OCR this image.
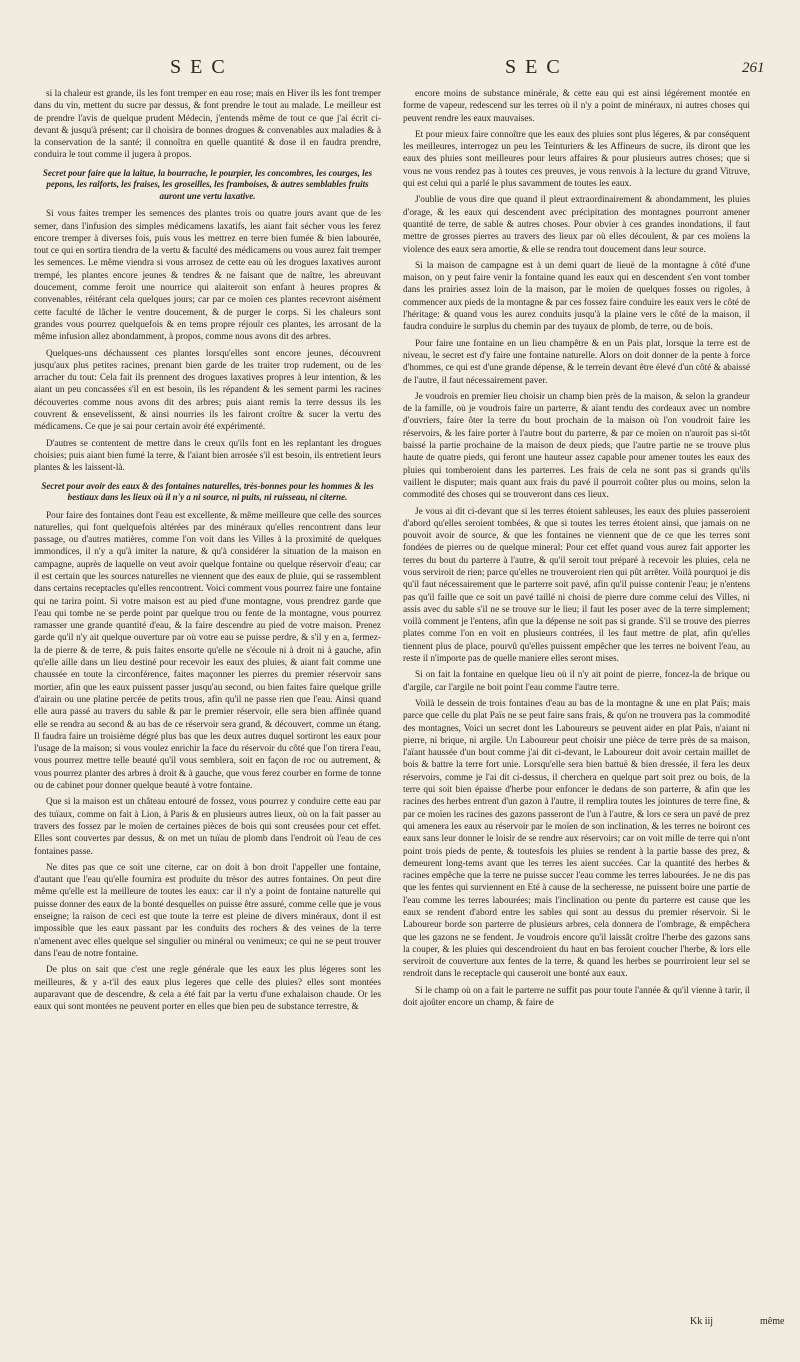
SEC	SEC	261

si la chaleur est grande, ils les font tremper en eau rose; mais en Hiver ils les font tremper dans du vin, mettent du sucre par dessus, & font prendre le tout au malade. Le meilleur est de prendre l'avis de quelque prudent Médecin, j'entends même de tout ce que j'ai écrit ci-devant & jusqu'à présent; car il choisira de bonnes drogues & convenables aux maladies & à la conservation de la santé; il connoîtra en quelle quantité & dose il en faudra prendre, conduira le tout comme il jugera à propos.

Secret pour faire que la laitue, la bourrache, le pourpier, les concombres, les courges, les pepons, les raiforts, les fraises, les groseilles, les framboises, & autres semblables fruits auront une vertu laxative.

Si vous faites tremper les semences des plantes trois ou quatre jours avant que de les semer, dans l'infusion des simples médicamens laxatifs, les aiant fait sécher vous les ferez encore tremper à diverses fois, puis vous les mettrez en terre bien fumée & bien labourée, tout ce qui en sortira tiendra de la vertu & faculté des médicamens ou vous aurez fait tremper les semences. Le même viendra si vous arrosez de cette eau où les drogues laxatives auront trempé, les plantes encore jeunes & tendres & ne faisant que de naître, les abreuvant doucement, comme feroit une nourrice qui alaiteroit son enfant à heures propres & convenables, réitérant cela quelques jours; car par ce moïen ces plantes recevront aisément cette faculté de lâcher le ventre doucement, & de purger le corps. Si les chaleurs sont grandes vous pourrez quelquefois & en tems propre réjouïr ces plantes, les arrosant de la même infusion allez abondamment, à propos, comme nous avons dit des arbres.

Quelques-uns déchaussent ces plantes lorsqu'elles sont encore jeunes, découvrent jusqu'aux plus petites racines, prenant bien garde de les traiter trop rudement, ou de les arracher du tout: Cela fait ils prennent des drogues laxatives propres à leur intention, & les aiant un peu concassées s'il en est besoin, ils les répandent & les sement parmi les racines découvertes comme nous avons dit des arbres; puis aiant remis la terre dessus ils les couvrent & ensevelissent, & ainsi nourries ils les fairont croître & sucer la vertu des médicamens. Ce que je sai pour certain avoir été expérimenté.

D'autres se contentent de mettre dans le creux qu'ils font en les replantant les drogues choisies; puis aiant bien fumé la terre, & l'aiant bien arrosée s'il est besoin, ils entretient leurs plantes & les laissent-là.

Secret pour avoir des eaux & des fontaines naturelles, très-bonnes pour les hommes & les bestiaux dans les lieux où il n'y a ni source, ni puits, ni ruisseau, ni citerne.

Pour faire des fontaines dont l'eau est excellente, & même meilleure que celle des sources naturelles, qui font quelquefois altérées par des minéraux qu'elles rencontrent dans leur passage, ou d'autres matières, comme l'on voit dans les Villes à la proximité de quelques immondices, il n'y a qu'à imiter la nature, & qu'à considérer la situation de la maison en campagne, auprès de laquelle on veut avoir quelque fontaine ou quelque réservoir d'eau; car il est certain que les sources naturelles ne viennent que des eaux de pluie, qui se rassemblent dans certains receptacles qu'elles rencontrent. Voici comment vous pourrez faire une fontaine qui ne tarira point. Si votre maison est au pied d'une montagne, vous prendrez garde que l'eau qui tombe ne se perde point par quelque trou ou fente de la montagne, vous pourrez ramasser une grande quantité d'eau, & la faire descendre au pied de votre maison. Prenez garde qu'il n'y ait quelque ouverture par où votre eau se puisse perdre, & s'il y en a, fermez-la de pierre & de terre, & puis faites ensorte qu'elle ne s'écoule ni à droit ni à gauche, afin qu'elle aille dans un lieu destiné pour recevoir les eaux des pluies, & aiant fait comme une chaussée en toute la circonférence, faites maçonner les pierres du premier réservoir sans mortier, afin que les eaux puissent passer jusqu'au second, ou bien faites faire quelque grille d'airain ou une platine percée de petits trous, afin qu'il ne passe rien que l'eau. Ainsi quand elle aura passé au travers du sable & par le premier réservoir, elle sera bien affinée quand elle se rendra au second & au bas de ce réservoir sera grand, & découvert, comme un étang. Il faudra faire un troisième dégré plus bas que les deux autres duquel sortiront les eaux pour l'usage de la maison; si vous voulez enrichir la face du réservoir du côté que l'on tirera l'eau, vous pourrez mettre telle beauté qu'il vous semblera, soit en façon de roc ou autrement, & vous pourrez planter des arbres à droit & à gauche, que vous ferez courber en forme de tonne ou de cabinet pour donner quelque beauté à votre fontaine.

Que si la maison est un château entouré de fossez, vous pourrez y conduire cette eau par des tuïaux, comme on fait à Lion, à Paris & en plusieurs autres lieux, où on la fait passer au travers des fossez par le moïen de certaines pièces de bois qui sont creusées pour cet effet. Elles sont couvertes par dessus, & on met un tuïau de plomb dans l'endroit où l'eau de ces fontaines passe.

Ne dites pas que ce soit une citerne, car on doit à bon droit l'appeller une fontaine, d'autant que l'eau qu'elle fournira est produite du trésor des autres fontaines. On peut dire même qu'elle est la meilleure de toutes les eaux: car il n'y a point de fontaine naturelle qui puisse donner des eaux de la bonté desquelles on puisse être assuré, comme celle que je vous enseigne; la raison de ceci est que toute la terre est pleine de divers minéraux, dont il est impossible que les eaux passant par les conduits des rochers & des veines de la terre n'amenent avec elles quelque sel singulier ou minéral ou venimeux; ce qui ne se peut trouver dans l'eau de notre fontaine.

De plus on sait que c'est une regle générale que les eaux les plus légeres sont les meilleures, & y a-t'il des eaux plus legeres que celle des pluies? elles sont montées auparavant que de descendre, & cela a été fait par la vertu d'une exhalaison chaude. Or les eaux qui sont montées ne peuvent porter en elles que bien peu de substance terrestre, &

encore moins de substance minérale, & cette eau qui est ainsi légérement montée en forme de vapeur, redescend sur les terres où il n'y a point de minéraux, ni autres choses qui peuvent rendre les eaux mauvaises.

Et pour mieux faire connoître que les eaux des pluies sont plus légeres, & par conséquent les meilleures, interrogez un peu les Teinturiers & les Affineurs de sucre, ils diront que les eaux des pluies sont meilleures pour leurs affaires & pour plusieurs autres choses; que si vous ne vous rendez pas à toutes ces preuves, je vous renvois à la lecture du grand Vitruve, qui est celui qui a parlé le plus savamment de toutes les eaux.

J'oublie de vous dire que quand il pleut extraordinairement & abondamment, les pluies d'orage, & les eaux qui descendent avec précipitation des montagnes pourront amener quantité de terre, de sable & autres choses. Pour obvier à ces grandes inondations, il faut mettre de grosses pierres au travers des lieux par où elles découlent, & par ces moïens la violence des eaux sera amortie, & elle se rendra tout doucement dans leur source.

Si la maison de campagne est à un demi quart de lieuë de la montagne à côté d'une maison, on y peut faire venir la fontaine quand les eaux qui en descendent s'en vont tomber dans les prairies assez loin de la maison, par le moïen de quelques fosses ou rigoles, à commencer aux pieds de la montagne & par ces fossez faire conduire les eaux vers le côté de l'héritage: & quand vous les aurez conduits jusqu'à la plaine vers le côté de la maison, il faudra conduire le surplus du chemin par des tuyaux de plomb, de terre, ou de bois.

Pour faire une fontaine en un lieu champêtre & en un Pais plat, lorsque la terre est de niveau, le secret est d'y faire une fontaine naturelle. Alors on doit donner de la pente à force d'hommes, ce qui est d'une grande dépense, & le terrein devant être élevé d'un côté & abaissé de l'autre, il faut nécessairement paver.

Je voudrois en premier lieu choisir un champ bien près de la maison, & selon la grandeur de la famille, où je voudrois faire un parterre, & aïant tendu des cordeaux avec un nombre d'ouvriers, faire ôter la terre du bout prochain de la maison où l'on voudroit faire les réservoirs, & les faire porter à l'autre bout du parterre, & par ce moïen on n'auroit pas si-tôt baissé la partie prochaine de la maison de deux pieds, que l'autre partie ne se trouve plus haute de quatre pieds, qui feront une hauteur assez capable pour amener toutes les eaux des pluies qui tomberoient dans les parterres. Les frais de cela ne sont pas si grands qu'ils vaillent le disputer; mais quant aux frais du pavé il pourroit coûter plus ou moins, selon la commodité des choses qui se trouveront dans ces lieux.

Je vous ai dit ci-devant que si les terres étoient sablеuses, les eaux des pluies passeroient d'abord qu'elles seroient tombées, & que si toutes les terres étoient ainsi, que jamais on ne pouvoit avoir de source, & que les fontaines ne viennent que de ce que les terres sont fondées de pierres ou de quelque mineral: Pour cet effet quand vous aurez fait apporter les terres du bout du parterre à l'autre, & qu'il seroit tout préparé à recevoir les pluies, cela ne vous serviroit de rien; parce qu'elles ne trouveroient rien qui pût arrêter. Voilà pourquoi je dis qu'il faut nécessairement que le parterre soit pavé, afin qu'il puisse contenir l'eau; je n'entens pas qu'il faille que ce soit un pavé taillé ni choisi de pierre dure comme celui des Villes, ni assis avec du sable s'il ne se trouve sur le lieu; il faut les poser avec de la terre simplement; voilà comment je l'entens, afin que la dépense ne soit pas si grande. S'il se trouve des pierres plates comme l'on en voit en plusieurs contrées, il les faut mettre de plat, afin qu'elles tiennent plus de place, pourvû qu'elles puissent empêcher que les terres ne boivent l'eau, au reste il n'importe pas de quelle maniere elles seront mises.

Si on fait la fontaine en quelque lieu où il n'y ait point de pierre, foncez-la de brique ou d'argile, car l'argile ne boit point l'eau comme l'autre terre.

Voilà le dessein de trois fontaines d'eau au bas de la montagne & une en plat Païs; mais parce que celle du plat Païs ne se peut faire sans frais, & qu'on ne trouvera pas la commodité des montagnes, Voici un secret dont les Laboureurs se peuvent aider en plat Païs, n'aiant ni pierre, ni brique, ni argile. Un Laboureur peut choisir une pièce de terre près de sa maison, l'aïant haussée d'un bout comme j'ai dit ci-devant, le Laboureur doit avoir certain maillet de bois & battre la terre fort unie. Lorsqu'elle sera bien battuë & bien dressée, il fera les deux réservoirs, comme je l'ai dit ci-dessus, il cherchera en quelque part soit prez ou bois, de la terre qui soit bien épaisse d'herbe pour enfoncer le dedans de son parterre, & afin que les racines des herbes entrent d'un gazon à l'autre, il remplira toutes les jointures de terre fine, & par ce moïen les racines des gazons passeront de l'un à l'autre, & lors ce sera un pavé de prez qui amenera les eaux au réservoir par le moïen de son inclination, & les terres ne boiront ces eaux sans leur donner le loisir de se rendre aux réservoirs; car on voit mille de terre qui n'ont point trois pieds de pente, & toutesfois les pluies se rendent à la partie basse des prez, & demeurent long-tems avant que les terres les aient succées. Car la quantité des herbes & racines empêche que la terre ne puisse succer l'eau comme les terres labourées. Je ne dis pas que les fentes qui surviennent en Eté à cause de la secheresse, ne puissent boire une partie de l'eau comme les terres labourées; mais l'inclination ou pente du parterre est cause que les eaux se rendent d'abord entre les sables qui sont au dessus du premier réservoir. Si le Laboureur borde son parterre de plusieurs arbres, cela donnera de l'ombrage, & empêchera que les gazons ne se fendent. Je voudrois encore qu'il laissât croître l'herbe des gazons sans la couper, & les pluies qui descendroient du haut en bas feroient coucher l'herbe, & lors elle serviroit de couverture aux fentes de la terre, & quand les herbes se pourriroient leur sel se rendroit dans le receptacle qui causeroit une bonté aux eaux.

Si le champ où on a fait le parterre ne suffit pas pour toute l'année & qu'il vienne à tarir, il doit ajoûter encore un champ, & faire de

Kk iij	même
